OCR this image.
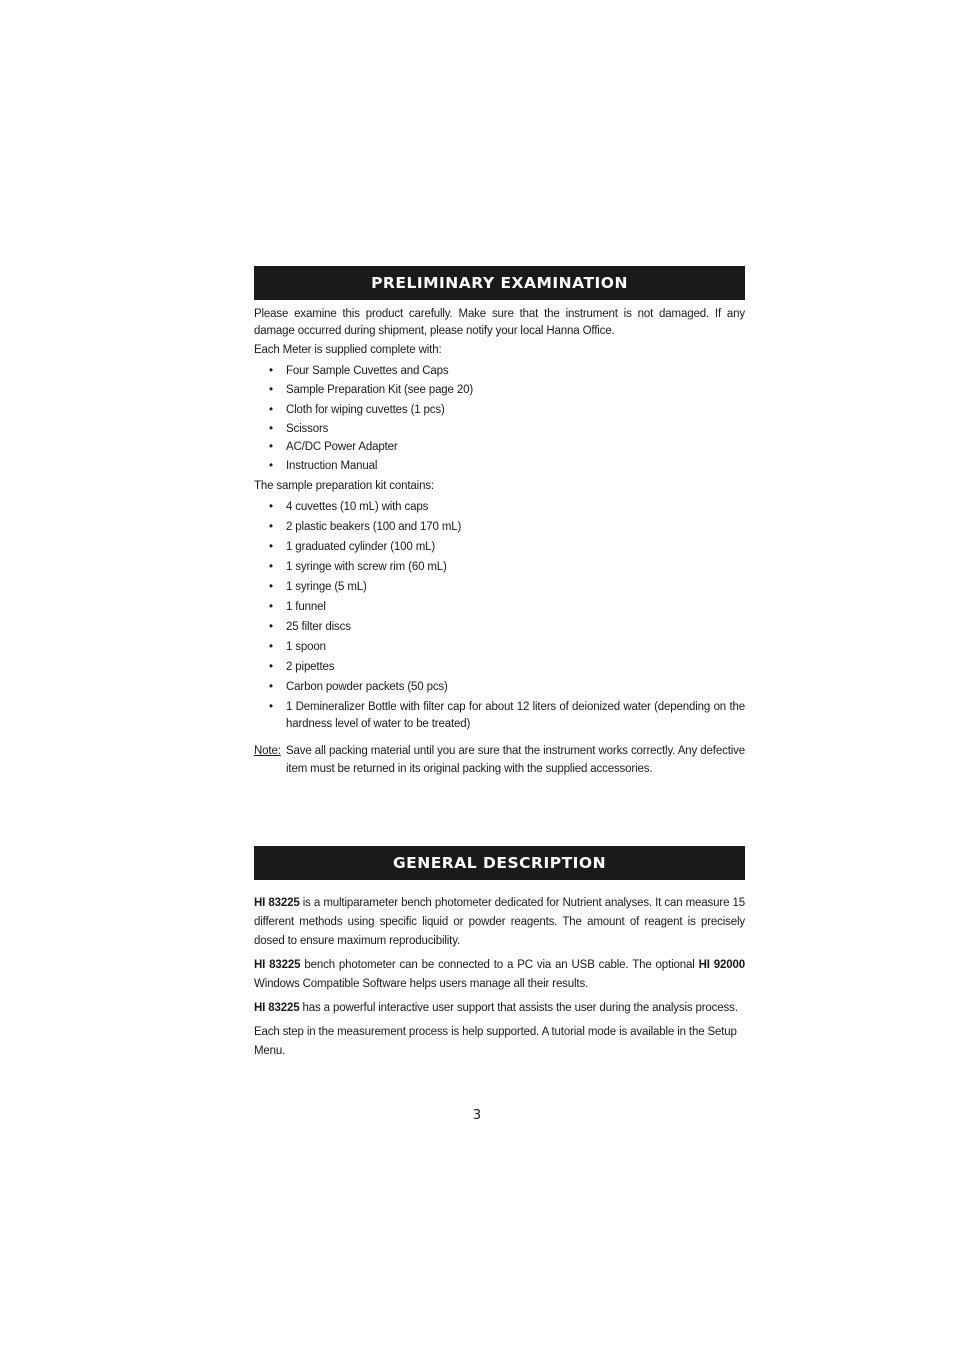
PRELIMINARY EXAMINATION

Please examine this product carefully. Make sure that the instrument is not damaged. If any damage occurred during shipment, please notify your local Hanna Office.

Each Meter is supplied complete with:

• Four Sample Cuvettes and Caps
• Sample Preparation Kit (see page 20)
• Cloth for wiping cuvettes (1 pcs)
• Scissors
• AC/DC Power Adapter
• Instruction Manual

The sample preparation kit contains:

• 4 cuvettes (10 mL) with caps
• 2 plastic beakers (100 and 170 mL)
• 1 graduated cylinder (100 mL)
• 1 syringe with screw rim (60 mL)
• 1 syringe (5 mL)
• 1 funnel
• 25 filter discs
• 1 spoon
• 2 pipettes
• Carbon powder packets (50 pcs)
• 1 Demineralizer Bottle with filter cap for about 12 liters of deionized water (depending on the hardness level of water to be treated)
Note: Save all packing material until you are sure that the instrument works correctly. Any defective item must be returned in its original packing with the supplied accessories.
GENERAL DESCRIPTION

HI 83225 is a multiparameter bench photometer dedicated for Nutrient analyses. It can measure 15 different methods using specific liquid or powder reagents. The amount of reagent is precisely dosed to ensure maximum reproducibility.

HI 83225 bench photometer can be connected to a PC via an USB cable. The optional HI 92000 Windows Compatible Software helps users manage all their results.

HI 83225 has a powerful interactive user support that assists the user during the analysis process.

Each step in the measurement process is help supported. A tutorial mode is available in the Setup Menu.

3
